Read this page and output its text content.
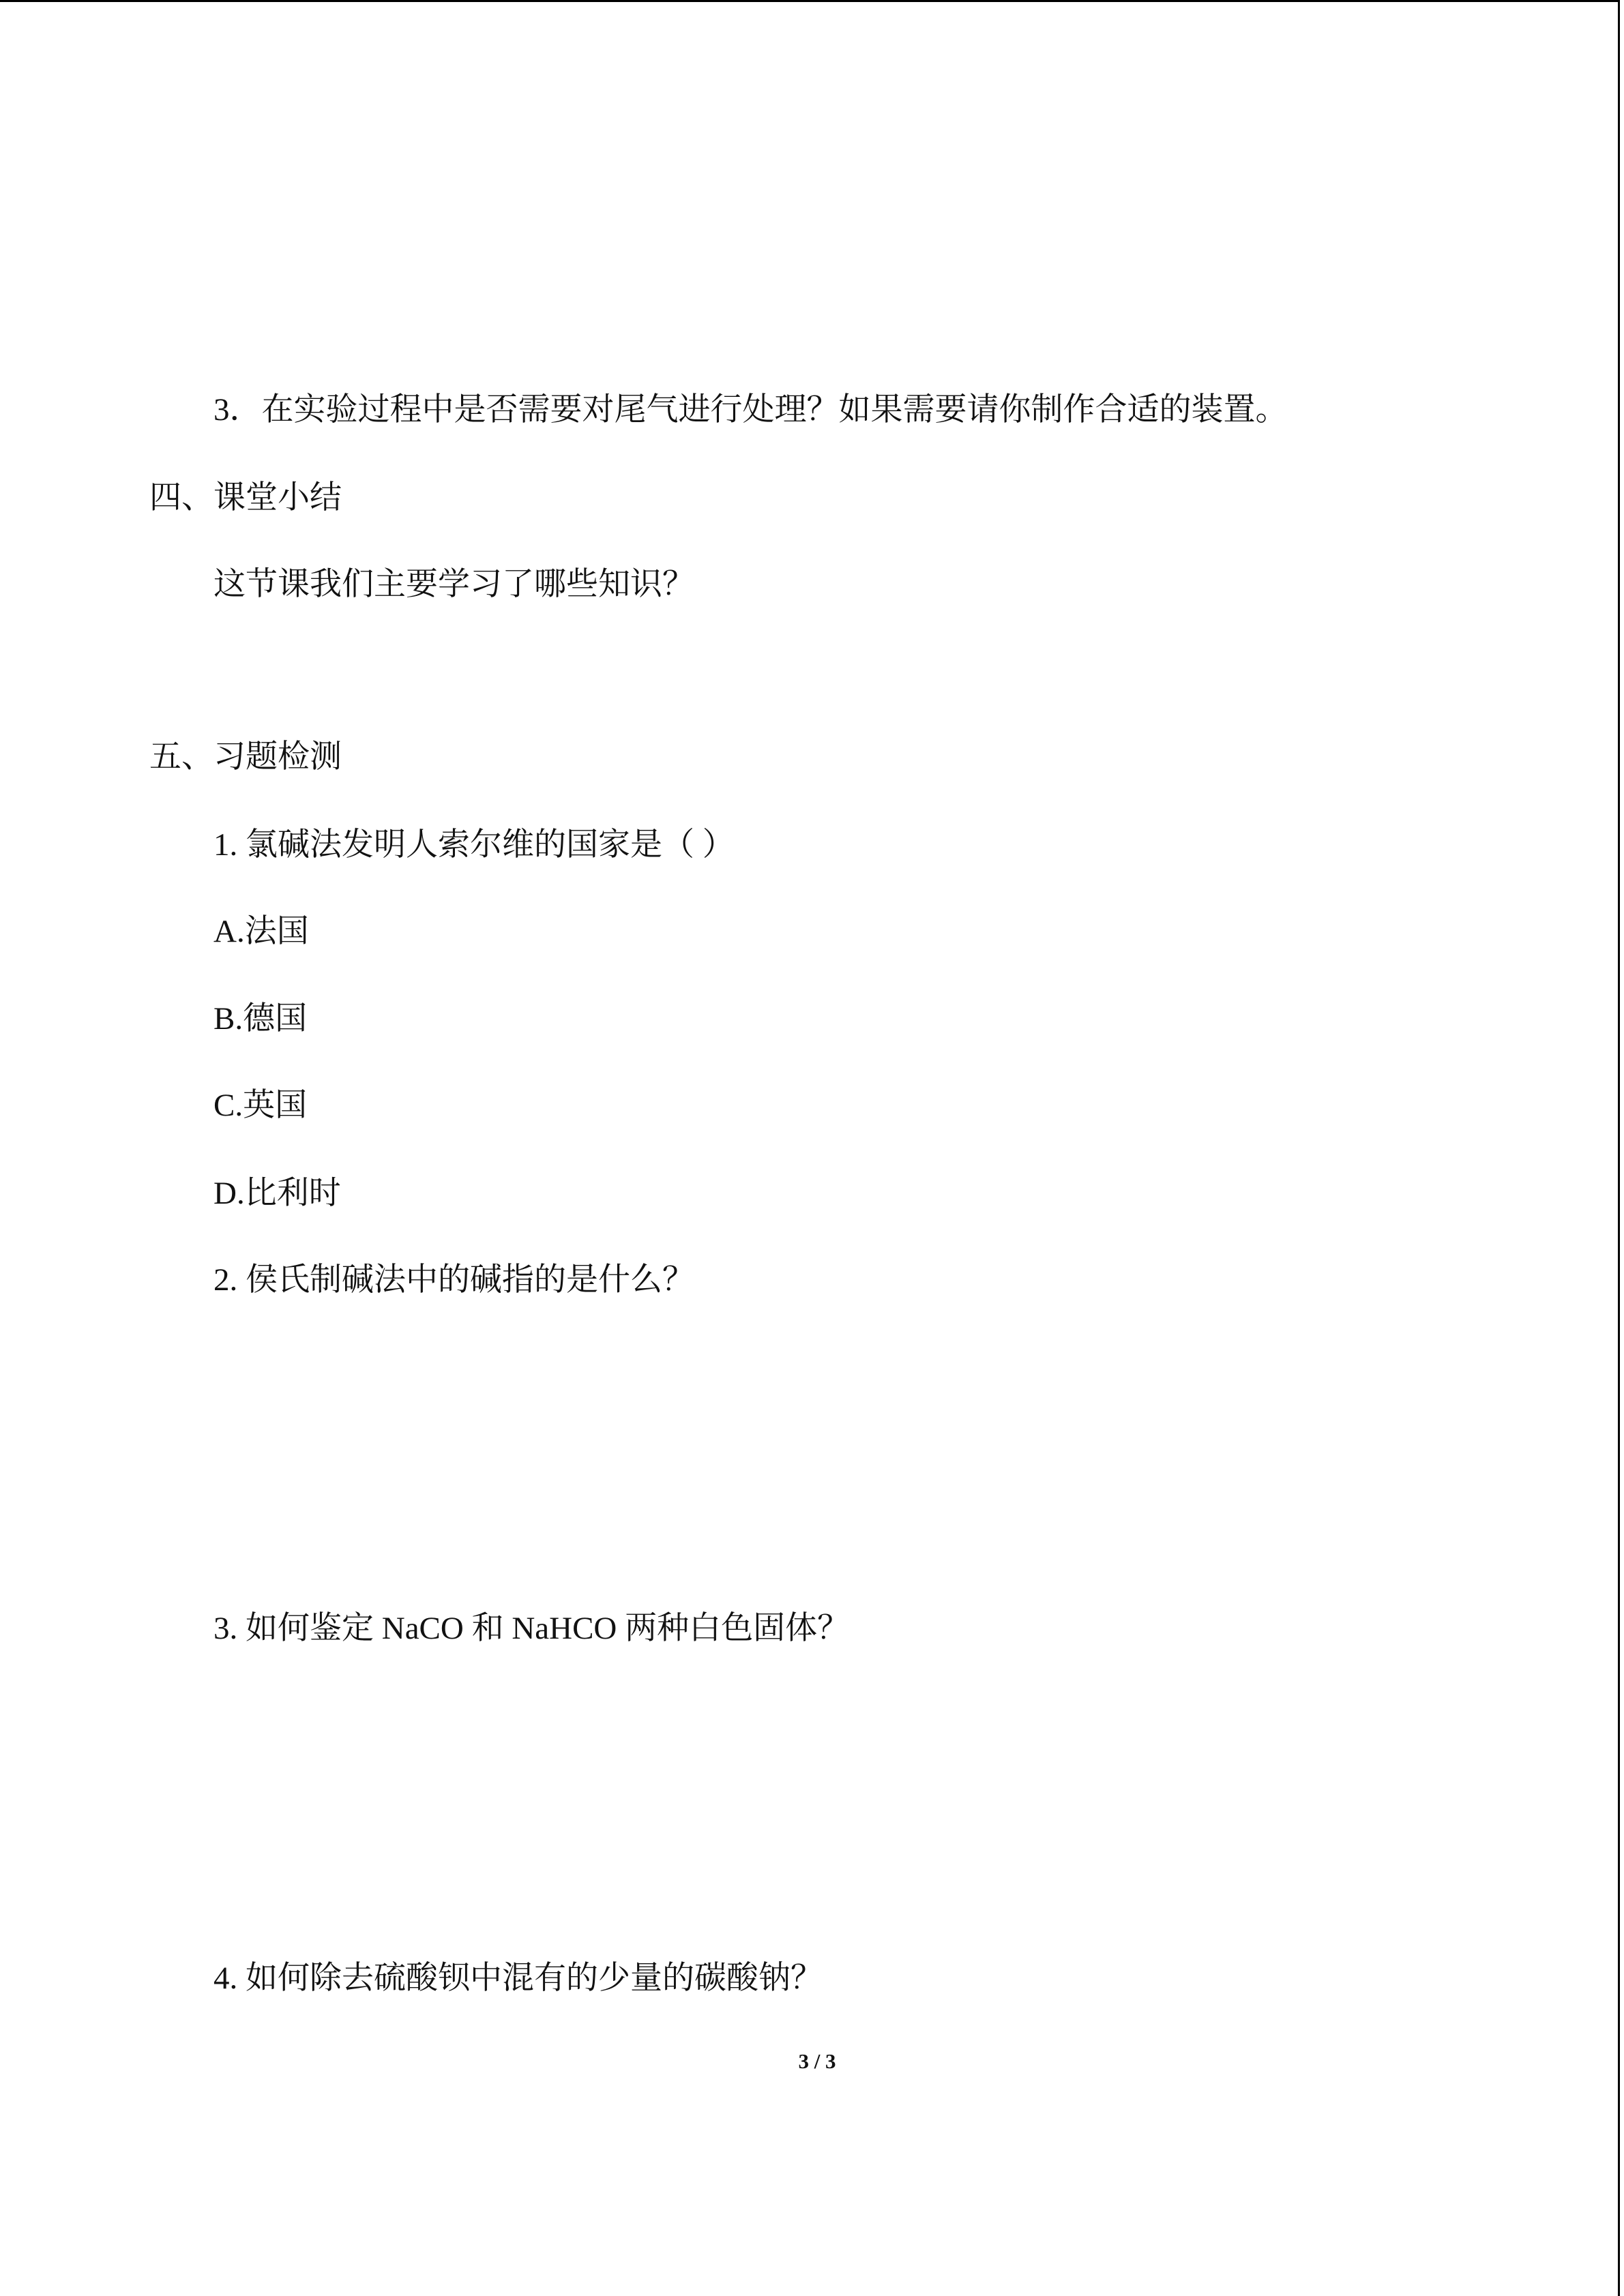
3．在实验过程中是否需要对尾气进行处理？如果需要请你制作合适的装置。

四、课堂小结

这节课我们主要学习了哪些知识？

五、习题检测

1. 氯碱法发明人索尔维的国家是（ ）

A.法国

B.德国

C.英国

D.比利时

2. 侯氏制碱法中的碱指的是什么？

3. 如何鉴定 NaCO 和 NaHCO 两种白色固体？

4. 如何除去硫酸钡中混有的少量的碳酸钠？

3 / 3
